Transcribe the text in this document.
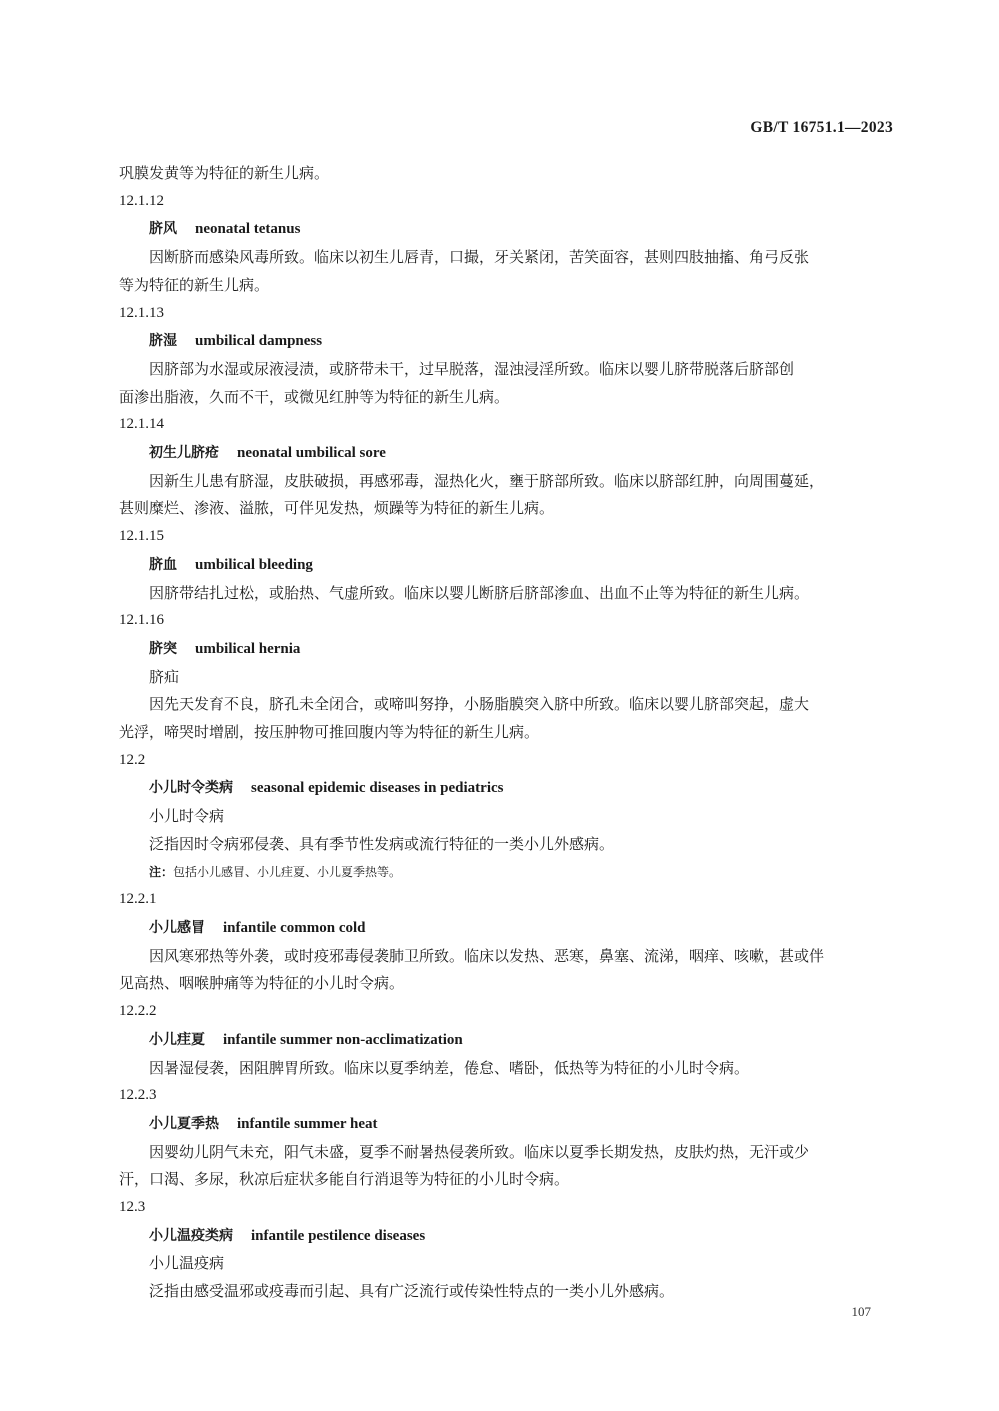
GB/T 16751.1—2023
巩膜发黄等为特征的新生儿病。
12.1.12
脐风 neonatal tetanus
因断脐而感染风毒所致。临床以初生儿唇青，口撮，牙关紧闭，苦笑面容，甚则四肢抽搐、角弓反张
等为特征的新生儿病。
12.1.13
脐湿 umbilical dampness
因脐部为水湿或尿液浸渍，或脐带未干，过早脱落，湿浊浸淫所致。临床以婴儿脐带脱落后脐部创
面渗出脂液，久而不干，或微见红肿等为特征的新生儿病。
12.1.14
初生儿脐疮 neonatal umbilical sore
因新生儿患有脐湿，皮肤破损，再感邪毒，湿热化火，壅于脐部所致。临床以脐部红肿，向周围蔓延，
甚则糜烂、渗液、溢脓，可伴见发热，烦躁等为特征的新生儿病。
12.1.15
脐血 umbilical bleeding
因脐带结扎过松，或胎热、气虚所致。临床以婴儿断脐后脐部渗血、出血不止等为特征的新生儿病。
12.1.16
脐突 umbilical hernia
脐疝
因先天发育不良，脐孔未全闭合，或啼叫努挣，小肠脂膜突入脐中所致。临床以婴儿脐部突起，虚大
光浮，啼哭时增剧，按压肿物可推回腹内等为特征的新生儿病。
12.2
小儿时令类病 seasonal epidemic diseases in pediatrics
小儿时令病
泛指因时令病邪侵袭、具有季节性发病或流行特征的一类小儿外感病。
注：包括小儿感冒、小儿疰夏、小儿夏季热等。
12.2.1
小儿感冒 infantile common cold
因风寒邪热等外袭，或时疫邪毒侵袭肺卫所致。临床以发热、恶寒，鼻塞、流涕，咽痒、咳嗽，甚或伴
见高热、咽喉肿痛等为特征的小儿时令病。
12.2.2
小儿疰夏 infantile summer non-acclimatization
因暑湿侵袭，困阻脾胃所致。临床以夏季纳差，倦怠、嗜卧，低热等为特征的小儿时令病。
12.2.3
小儿夏季热 infantile summer heat
因婴幼儿阴气未充，阳气未盛，夏季不耐暑热侵袭所致。临床以夏季长期发热，皮肤灼热，无汗或少
汗，口渴、多尿，秋凉后症状多能自行消退等为特征的小儿时令病。
12.3
小儿温疫类病 infantile pestilence diseases
小儿温疫病
泛指由感受温邪或疫毒而引起、具有广泛流行或传染性特点的一类小儿外感病。
107
